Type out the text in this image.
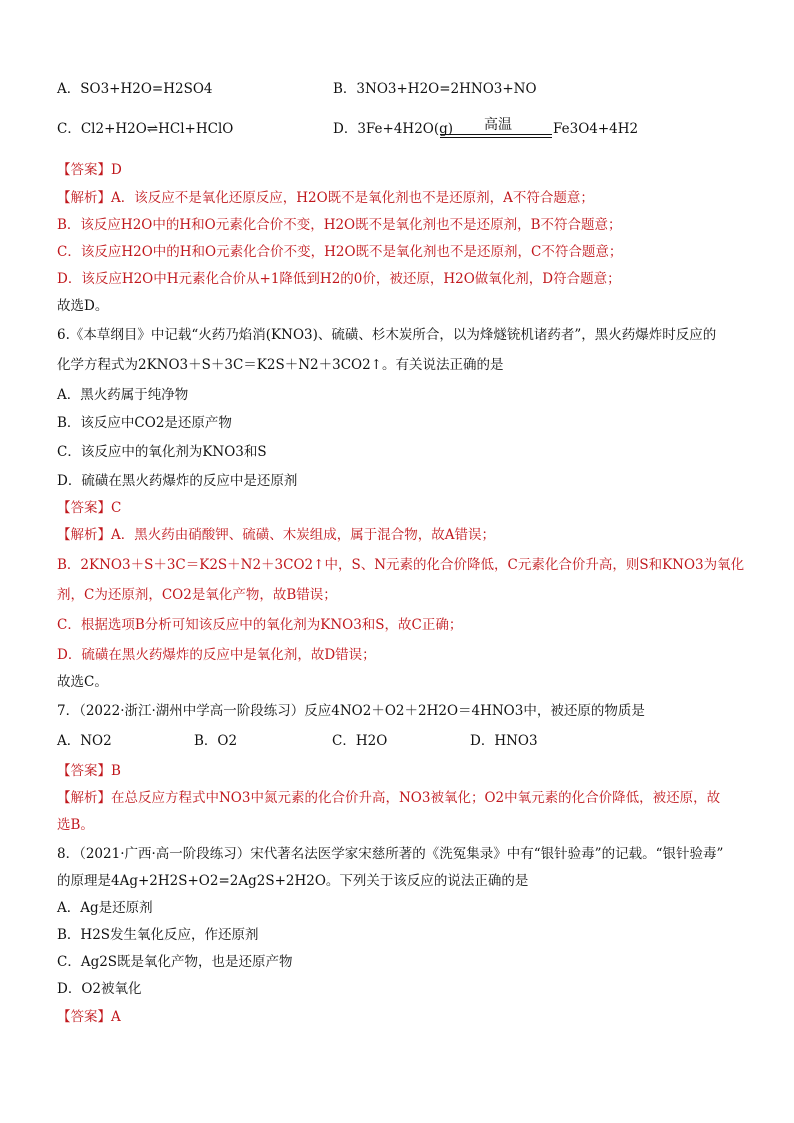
A．SO3+H2O=H2SO4	B．3NO3+H2O=2HNO3+NO
C．Cl2+H2O⇌HCl+HClO	D．3Fe+4H2O(g)	高温	Fe3O4+4H2
【答案】D
【解析】A．该反应不是氧化还原反应，H2O既不是氧化剂也不是还原剂，A不符合题意；
B．该反应H2O中的H和O元素化合价不变，H2O既不是氧化剂也不是还原剂，B不符合题意；
C．该反应H2O中的H和O元素化合价不变，H2O既不是氧化剂也不是还原剂，C不符合题意；
D．该反应H2O中H元素化合价从+1降低到H2的0价，被还原，H2O做氧化剂，D符合题意；
故选D。
6.《本草纲目》中记载“火药乃焰消(KNO3)、硫磺、杉木炭所合，以为烽燧铳机诸药者”，黑火药爆炸时反应的
化学方程式为2KNO3＋S＋3C＝K2S＋N2＋3CO2↑。有关说法正确的是
A．黑火药属于纯净物
B．该反应中CO2是还原产物
C．该反应中的氧化剂为KNO3和S
D．硫磺在黑火药爆炸的反应中是还原剂
【答案】C
【解析】A．黑火药由硝酸钾、硫磺、木炭组成，属于混合物，故A错误；
B．2KNO3＋S＋3C＝K2S＋N2＋3CO2↑中，S、N元素的化合价降低，C元素化合价升高，则S和KNO3为氧化
剂，C为还原剂，CO2是氧化产物，故B错误；
C．根据选项B分析可知该反应中的氧化剂为KNO3和S，故C正确；
D．硫磺在黑火药爆炸的反应中是氧化剂，故D错误；
故选C。
7．（2022·浙江·湖州中学高一阶段练习）反应4NO2＋O2＋2H2O＝4HNO3中，被还原的物质是
A．NO2	B．O2	C．H2O	D．HNO3
【答案】B
【解析】在总反应方程式中NO3中氮元素的化合价升高，NO3被氧化；O2中氧元素的化合价降低，被还原，故
选B。
8．（2021·广西·高一阶段练习）宋代著名法医学家宋慈所著的《洗冤集录》中有“银针验毒”的记载。“银针验毒”
的原理是4Ag+2H2S+O2=2Ag2S+2H2O。下列关于该反应的说法正确的是
A．Ag是还原剂
B．H2S发生氧化反应，作还原剂
C．Ag2S既是氧化产物，也是还原产物
D．O2被氧化
【答案】A
